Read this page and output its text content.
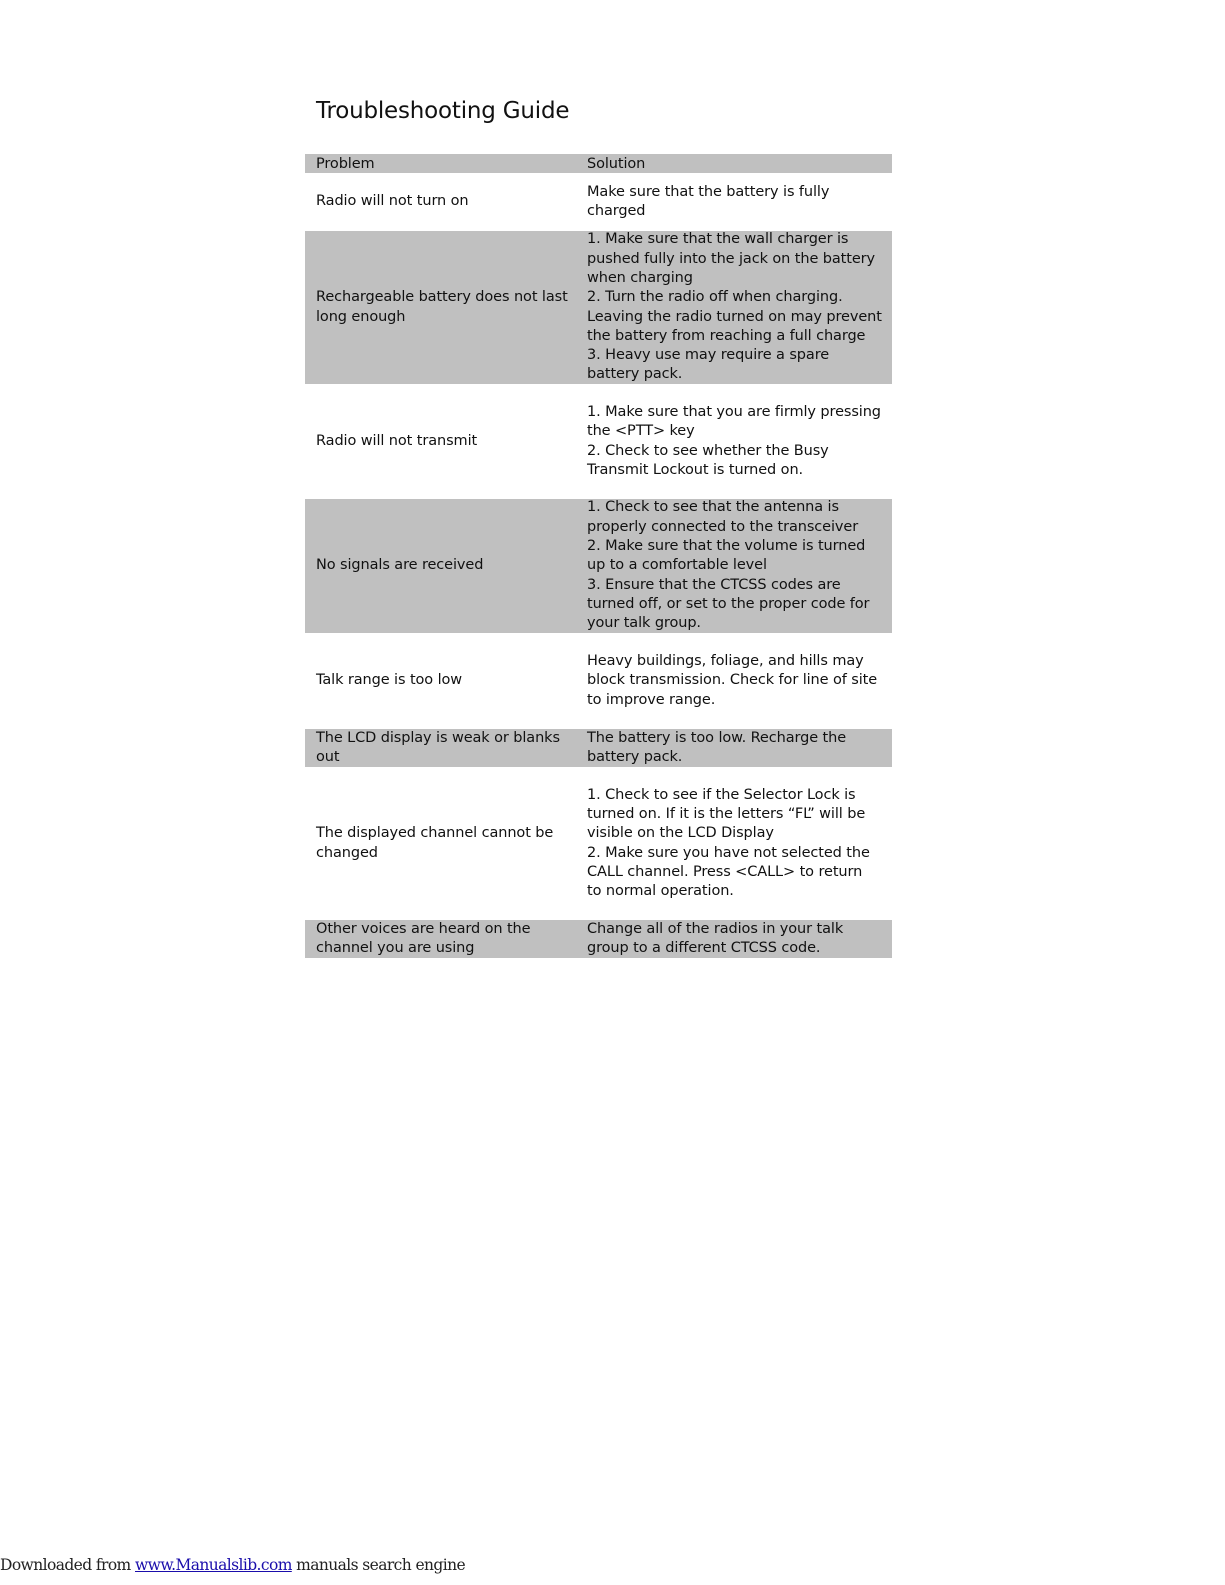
Troubleshooting Guide
Problem	Solution
Radio will not turn on
Make sure that the battery is fully
charged
Rechargeable battery does not last
long enough
1. Make sure that the wall charger is
pushed fully into the jack on the battery
when charging
2. Turn the radio off when charging.
Leaving the radio turned on may prevent
the battery from reaching a full charge
3. Heavy use may require a spare
battery pack.
Radio will not transmit
1. Make sure that you are firmly pressing
the <PTT> key
2. Check to see whether the Busy
Transmit Lockout is turned on.
No signals are received
1. Check to see that the antenna is
properly connected to the transceiver
2. Make sure that the volume is turned
up to a comfortable level
3. Ensure that the CTCSS codes are
turned off, or set to the proper code for
your talk group.
Talk range is too low
Heavy buildings, foliage, and hills may
block transmission. Check for line of site
to improve range.
The LCD display is weak or blanks
out
The battery is too low. Recharge the
battery pack.
The displayed channel cannot be
changed
1. Check to see if the Selector Lock is
turned on. If it is the letters “FL” will be
visible on the LCD Display
2. Make sure you have not selected the
CALL channel. Press <CALL> to return
to normal operation.
Other voices are heard on the
channel you are using
Change all of the radios in your talk
group to a different CTCSS code.
Downloaded from www.Manualslib.com manuals search engine
